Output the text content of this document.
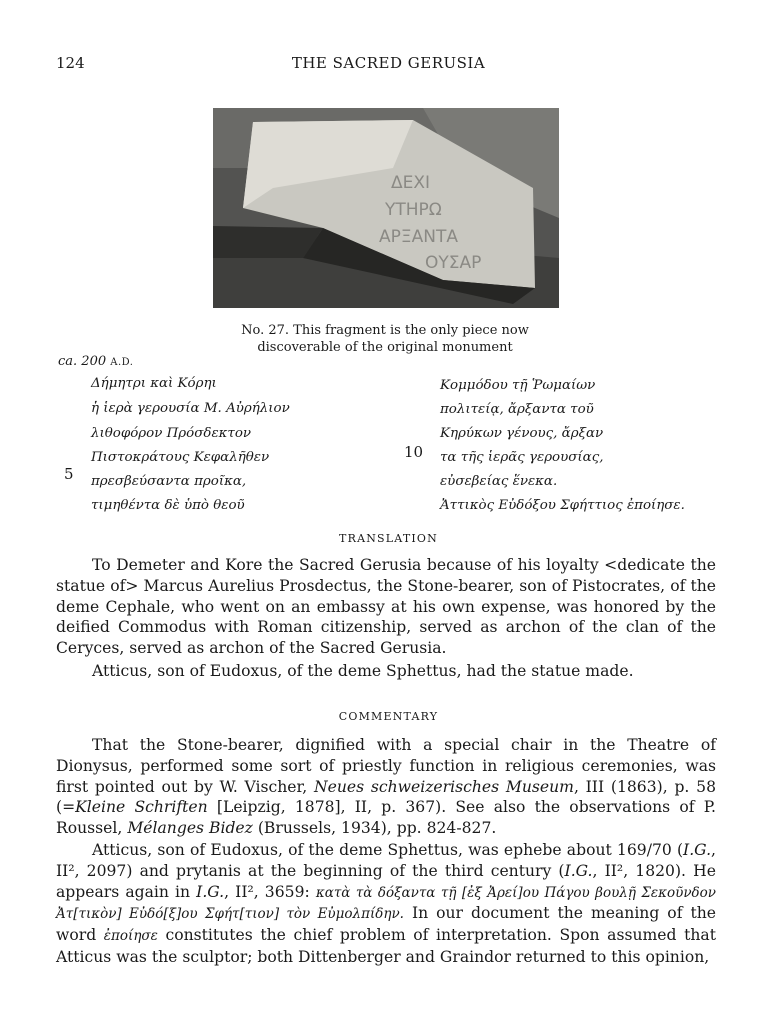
124	THE SACRED GERUSIA
ΔΕΧΙ
ΥΤΗΡΩ
ΑΡΞΑΝΤΑ
ΟΥΣΑΡ
No. 27. This fragment is the only piece now
discoverable of the original monument
ca. 200 A.D.
Δήμητρι καὶ Κόρηι
ἡ ἱερὰ γερουσία Μ. Αὐρήλιον
λιθοφόρον Πρόσδεκτον
Πιστοκράτους Κεφαλῆθεν
πρεσβεύσαντα προῖκα,
τιμηθέντα δὲ ὑπὸ θεοῦ
5
Κομμόδου τῇ Ῥωμαίων
πολιτείᾳ, ἄρξαντα τοῦ
Κηρύκων γένους, ἄρξαν
τα τῆς ἱερᾶς γερουσίας,
εὐσεβείας ἕνεκα.
Ἀττικὸς Εὐδόξου Σφήττιος ἐποίησε.
10
TRANSLATION

To Demeter and Kore the Sacred Gerusia because of his loyalty <dedicate the statue of> Marcus Aurelius Prosdectus, the Stone-bearer, son of Pistocrates, of the deme Cephale, who went on an embassy at his own expense, was honored by the deified Commodus with Roman citizenship, served as archon of the clan of the Ceryces, served as archon of the Sacred Gerusia.

Atticus, son of Eudoxus, of the deme Sphettus, had the statue made.

COMMENTARY

That the Stone-bearer, dignified with a special chair in the Theatre of Dionysus, performed some sort of priestly function in religious ceremonies, was first pointed out by W. Vischer, Neues schweizerisches Museum, III (1863), p. 58 (=Kleine Schriften [Leipzig, 1878], II, p. 367). See also the observations of P. Roussel, Mélanges Bidez (Brussels, 1934), pp. 824-827.

Atticus, son of Eudoxus, of the deme Sphettus, was ephebe about 169/70 (I.G., II², 2097) and prytanis at the beginning of the third century (I.G., II², 1820). He appears again in I.G., II², 3659: κατὰ τὰ δόξαντα τῇ [ἐξ Ἀρεί]ου Πάγου βουλῇ Σεκοῦνδον Ἀτ[τικὸν] Εὐδό[ξ]ου Σφήτ[τιον] τὸν Εὐμολπίδην. In our document the meaning of the word ἐποίησε constitutes the chief problem of interpretation. Spon assumed that Atticus was the sculptor; both Dittenberger and Graindor returned to this opinion,
